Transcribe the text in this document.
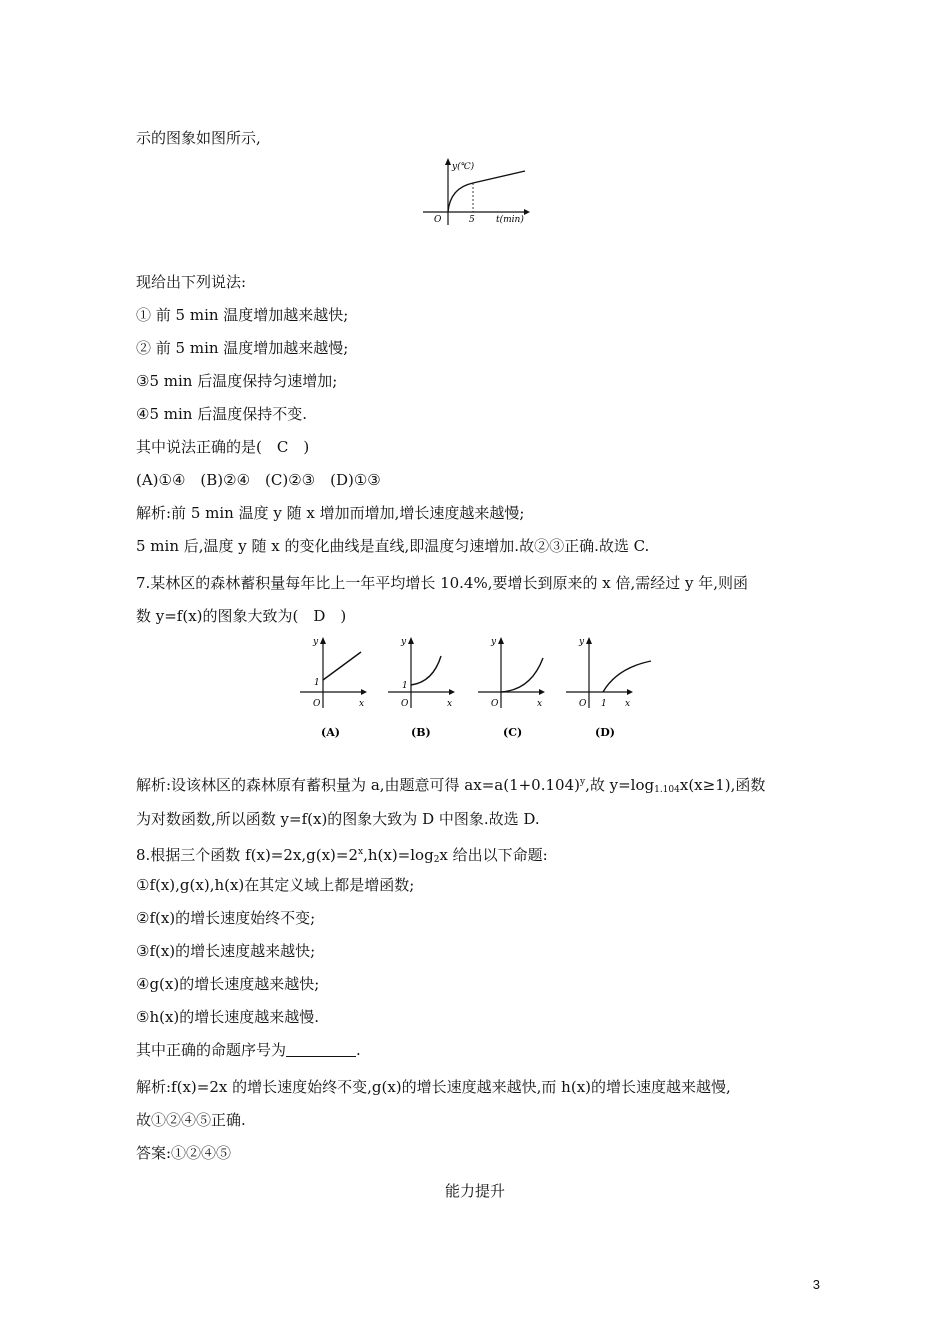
示的图象如图所示,
y(℃)
t(min)
O	5
现给出下列说法:
① 前 5 min 温度增加越来越快;
② 前 5 min 温度增加越来越慢;
③5 min 后温度保持匀速增加;
④5 min 后温度保持不变.
其中说法正确的是(　C　)
(A)①④　(B)②④　(C)②③　(D)①③
解析:前 5 min 温度 y 随 x 增加而增加,增长速度越来越慢;
5 min 后,温度 y 随 x 的变化曲线是直线,即温度匀速增加.故②③正确.故选 C.
7.某林区的森林蓄积量每年比上一年平均增长 10.4%,要增长到原来的 x 倍,需经过 y 年,则函
数 y=f(x)的图象大致为(　D　)
y
x
O
1
(A)
y
x
O
1
(B)
y
x
O
(C)
y
x
O 1
(D)
解析:设该林区的森林原有蓄积量为 a,由题意可得 $ax=a(1+0.104)^y$,故 $y=\log_{1.104}x(x\ge 1)$,函数
为对数函数,所以函数 y=f(x)的图象大致为 D 中图象.故选 D.
8.根据三个函数 $f(x)=2x,g(x)=2^x,h(x)=\log_2x$ 给出以下命题:
①f(x),g(x),h(x)在其定义域上都是增函数;
②f(x)的增长速度始终不变;
③f(x)的增长速度越来越快;
④g(x)的增长速度越来越快;
⑤h(x)的增长速度越来越慢.
其中正确的命题序号为	.
解析:f(x)=2x 的增长速度始终不变,g(x)的增长速度越来越快,而 h(x)的增长速度越来越慢,
故①②④⑤正确.
答案:①②④⑤
能力提升
3
